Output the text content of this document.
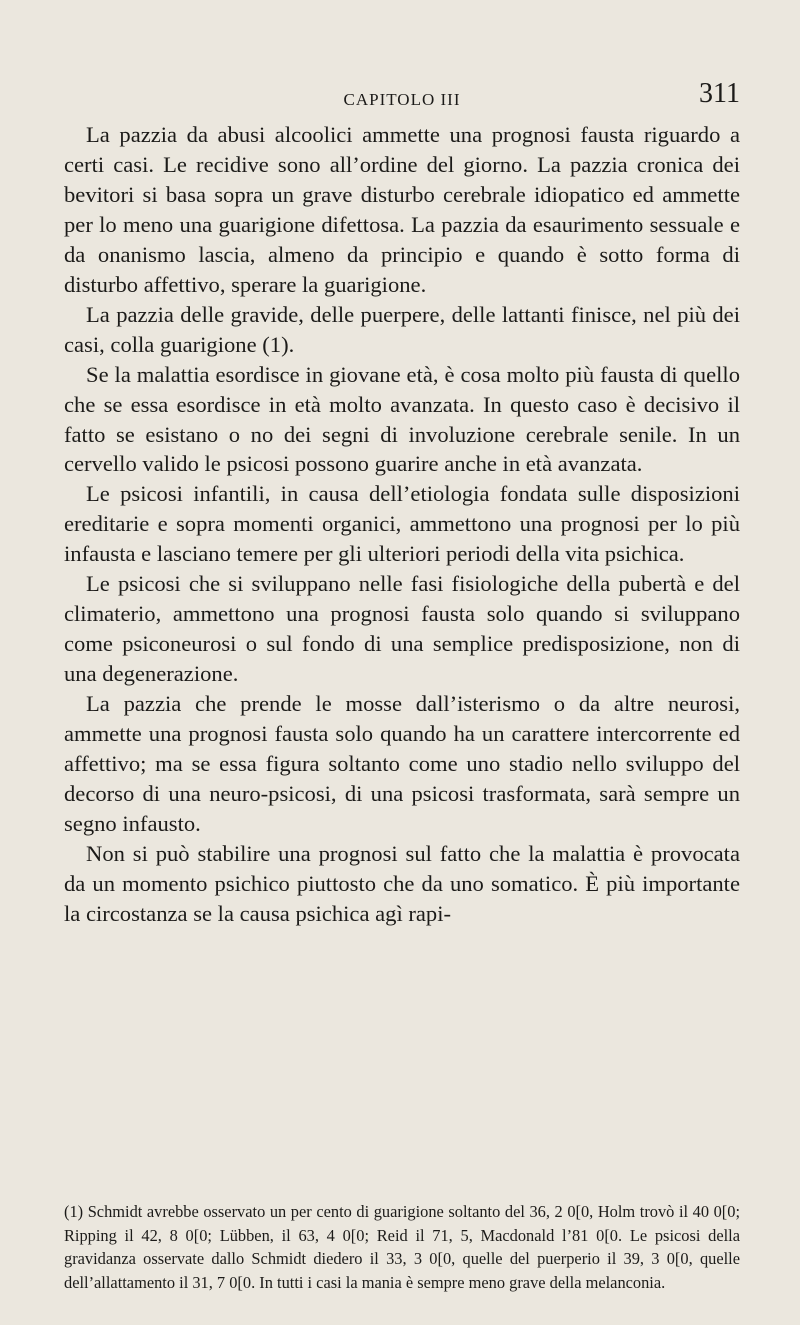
CAPITOLO III	311

La pazzia da abusi alcoolici ammette una prognosi fausta riguardo a certi casi. Le recidive sono all’ordine del giorno. La pazzia cronica dei bevitori si basa sopra un grave disturbo cerebrale idiopatico ed ammette per lo meno una guarigione difettosa. La pazzia da esaurimento sessuale e da onanismo lascia, almeno da principio e quando è sotto forma di disturbo affettivo, sperare la guarigione.

La pazzia delle gravide, delle puerpere, delle lattanti finisce, nel più dei casi, colla guarigione (1).

Se la malattia esordisce in giovane età, è cosa molto più fausta di quello che se essa esordisce in età molto avanzata. In questo caso è decisivo il fatto se esistano o no dei segni di involuzione cerebrale senile. In un cervello valido le psicosi possono guarire anche in età avanzata.

Le psicosi infantili, in causa dell’etiologia fondata sulle disposizioni ereditarie e sopra momenti organici, ammettono una prognosi per lo più infausta e lasciano temere per gli ulteriori periodi della vita psichica.

Le psicosi che si sviluppano nelle fasi fisiologiche della pubertà e del climaterio, ammettono una prognosi fausta solo quando si sviluppano come psiconeurosi o sul fondo di una semplice predisposizione, non di una degenerazione.

La pazzia che prende le mosse dall’isterismo o da altre neurosi, ammette una prognosi fausta solo quando ha un carattere intercorrente ed affettivo; ma se essa figura soltanto come uno stadio nello sviluppo del decorso di una neuro-psicosi, di una psicosi trasformata, sarà sempre un segno infausto.

Non si può stabilire una prognosi sul fatto che la malattia è provocata da un momento psichico piuttosto che da uno somatico. È più importante la circostanza se la causa psichica agì rapi-

(1) Schmidt avrebbe osservato un per cento di guarigione soltanto del 36, 2 0[0, Holm trovò il 40 0[0; Ripping il 42, 8 0[0; Lübben, il 63, 4 0[0; Reid il 71, 5, Macdonald l’81 0[0. Le psicosi della gravidanza osservate dallo Schmidt diedero il 33, 3 0[0, quelle del puerperio il 39, 3 0[0, quelle dell’allattamento il 31, 7 0[0. In tutti i casi la mania è sempre meno grave della melanconia.
